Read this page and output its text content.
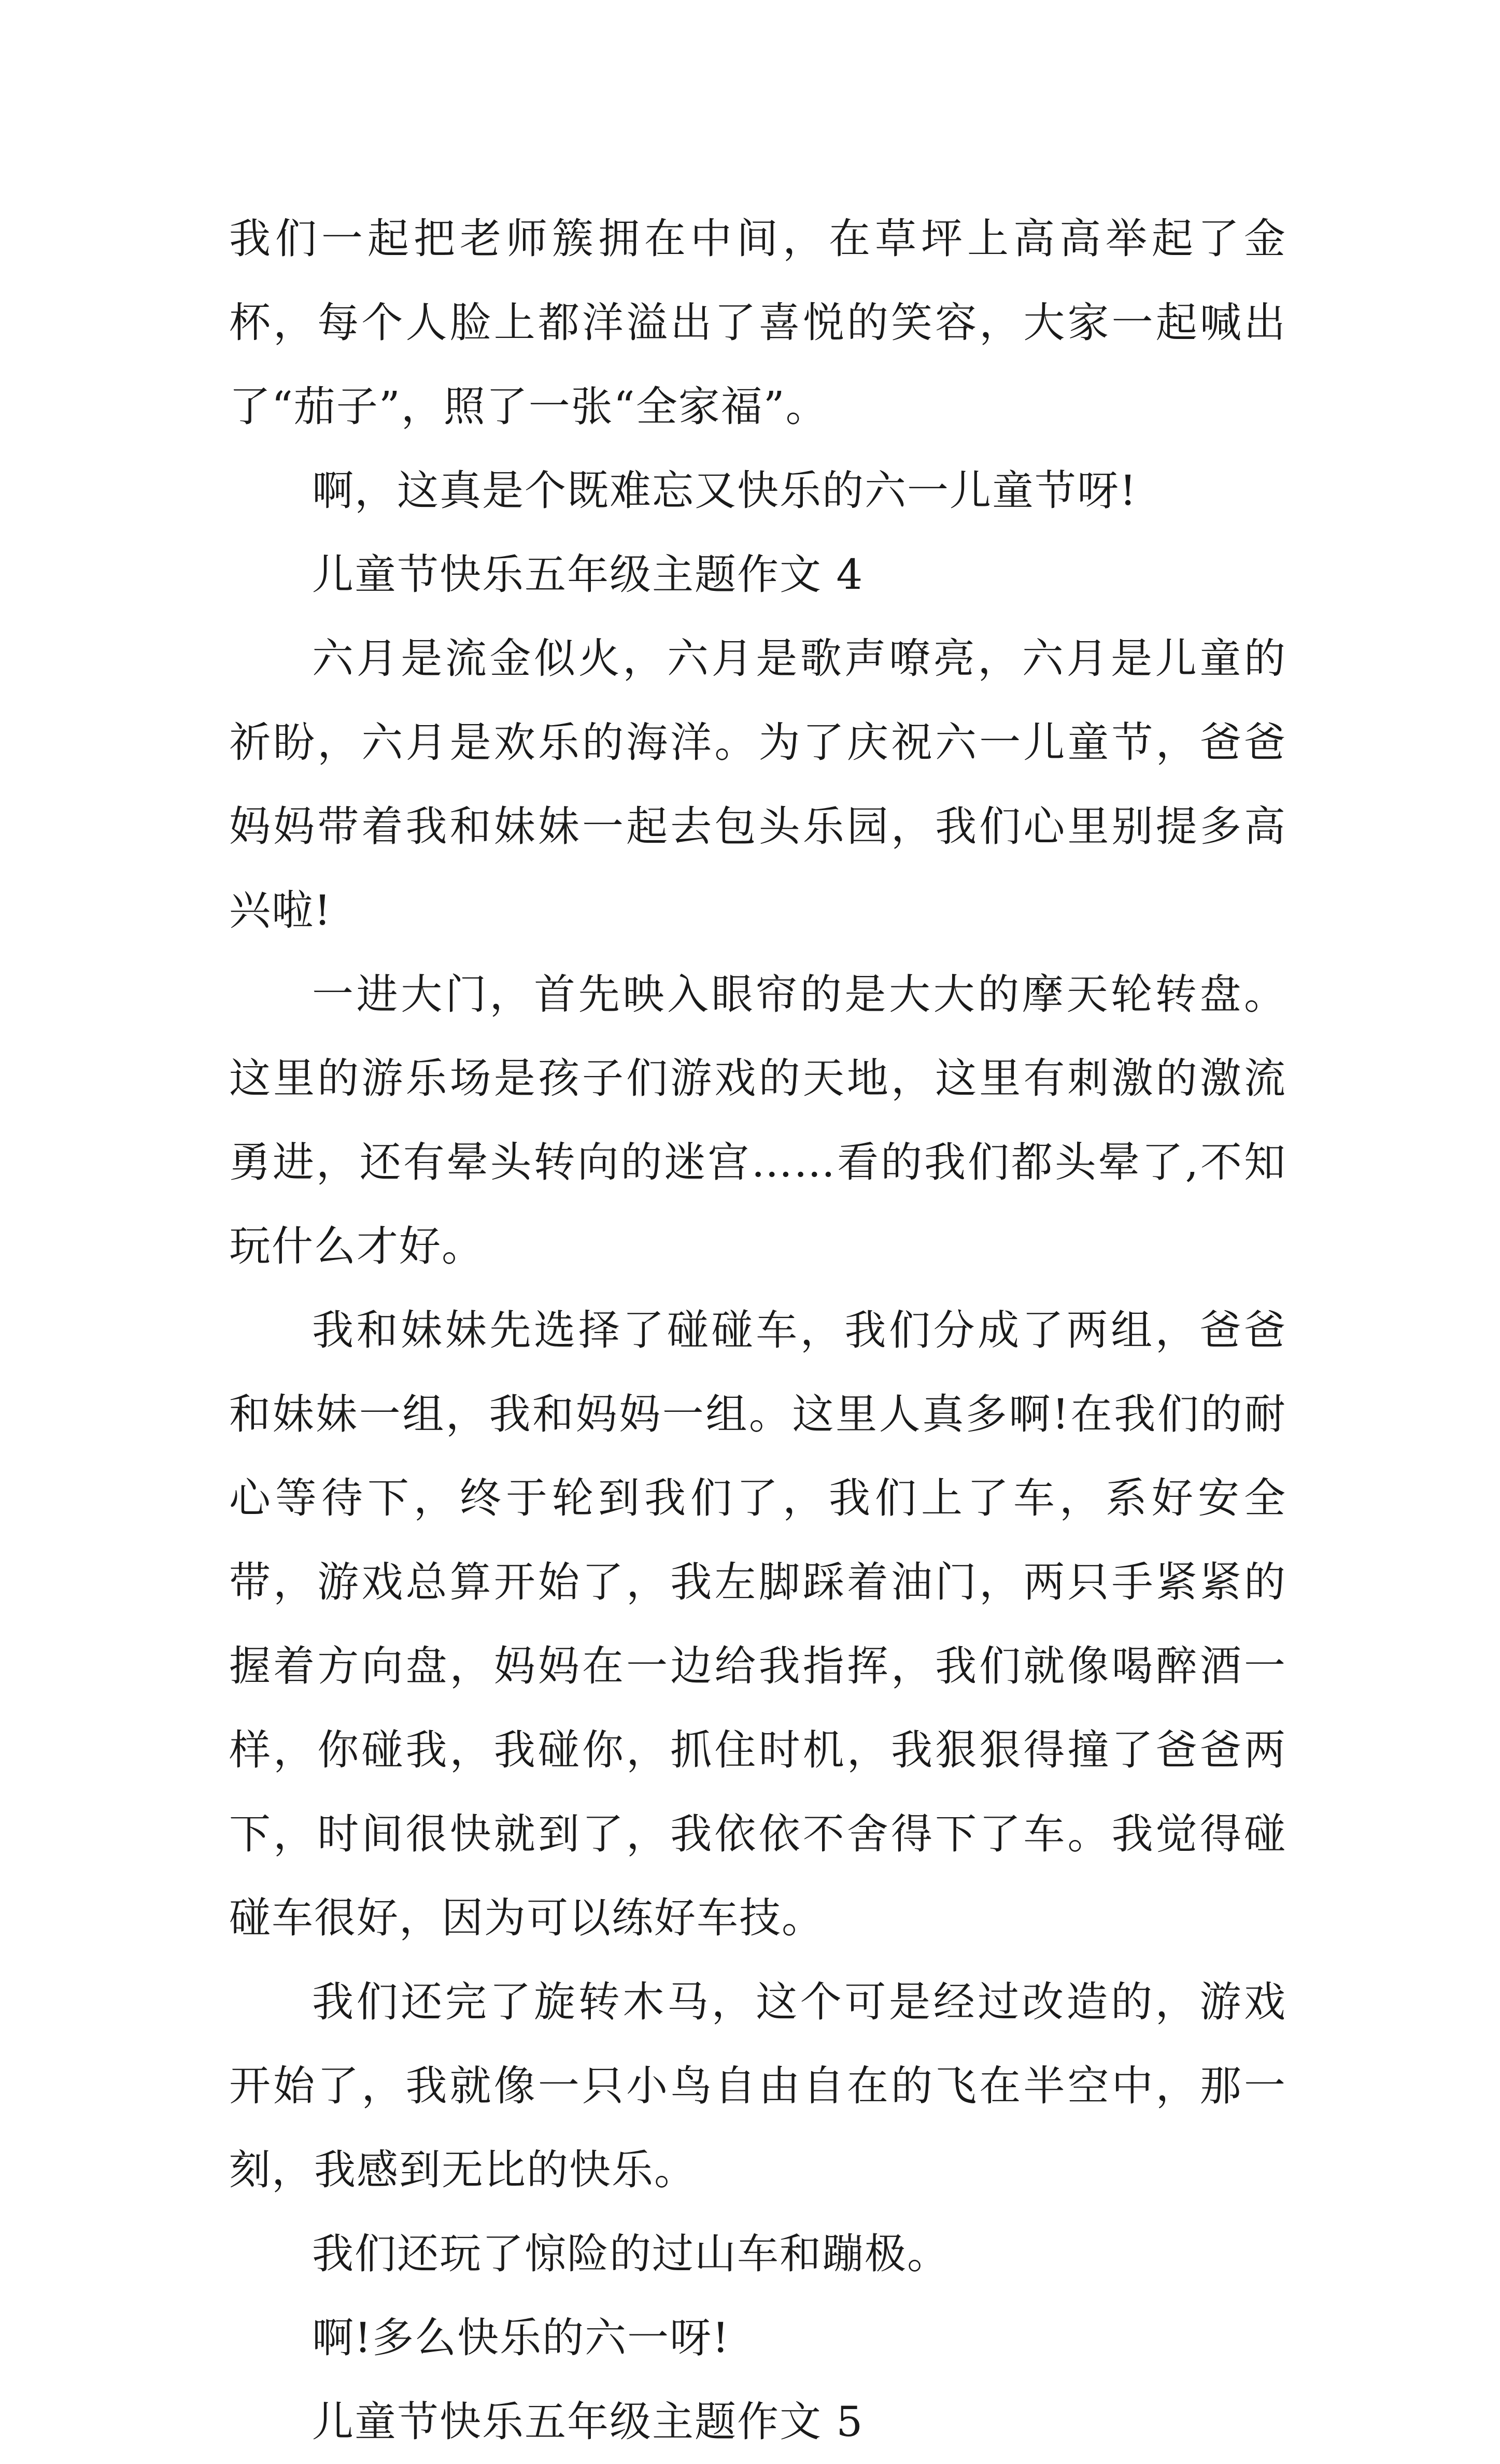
我们一起把老师簇拥在中间，在草坪上高高举起了金杯，每个人脸上都洋溢出了喜悦的笑容，大家一起喊出了“茄子”，照了一张“全家福”。

啊，这真是个既难忘又快乐的六一儿童节呀!

儿童节快乐五年级主题作文 4

六月是流金似火，六月是歌声嘹亮，六月是儿童的祈盼，六月是欢乐的海洋。为了庆祝六一儿童节，爸爸妈妈带着我和妹妹一起去包头乐园，我们心里别提多高兴啦!

一进大门，首先映入眼帘的是大大的摩天轮转盘。这里的游乐场是孩子们游戏的天地，这里有刺激的激流勇进，还有晕头转向的迷宫……看的我们都头晕了,不知玩什么才好。

我和妹妹先选择了碰碰车，我们分成了两组，爸爸和妹妹一组，我和妈妈一组。这里人真多啊!在我们的耐心等待下，终于轮到我们了，我们上了车，系好安全带，游戏总算开始了，我左脚踩着油门，两只手紧紧的握着方向盘，妈妈在一边给我指挥，我们就像喝醉酒一样，你碰我，我碰你，抓住时机，我狠狠得撞了爸爸两下，时间很快就到了，我依依不舍得下了车。我觉得碰碰车很好，因为可以练好车技。

我们还完了旋转木马，这个可是经过改造的，游戏开始了，我就像一只小鸟自由自在的飞在半空中，那一刻，我感到无比的快乐。

我们还玩了惊险的过山车和蹦极。

啊!多么快乐的六一呀!

儿童节快乐五年级主题作文 5
